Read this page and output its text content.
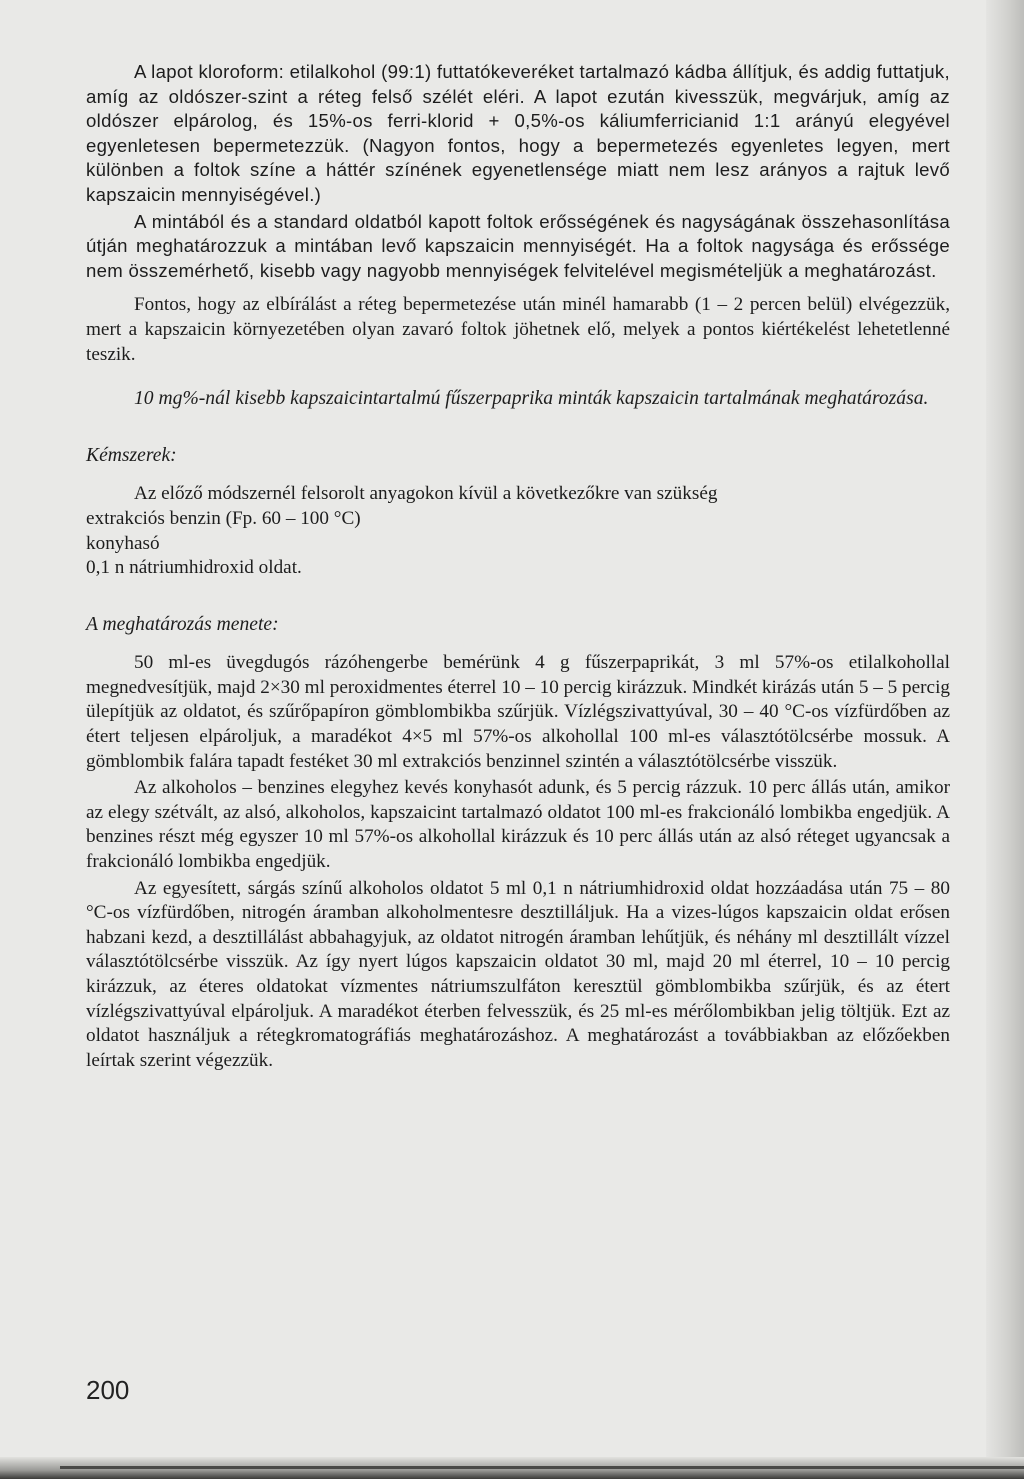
A lapot kloroform: etilalkohol (99:1) futtatókeveréket tartalmazó kádba állítjuk, és addig futtatjuk, amíg az oldószer-szint a réteg felső szélét eléri. A lapot ezután kivesszük, megvárjuk, amíg az oldószer elpárolog, és 15%-os ferri-klorid + 0,5%-os káliumferricianid 1:1 arányú elegyével egyenletesen bepermetezzük. (Nagyon fontos, hogy a bepermetezés egyenletes legyen, mert különben a foltok színe a háttér színének egyenetlensége miatt nem lesz arányos a rajtuk levő kapszaicin mennyiségével.)

A mintából és a standard oldatból kapott foltok erősségének és nagyságának összehasonlítása útján meghatározzuk a mintában levő kapszaicin mennyiségét. Ha a foltok nagysága és erőssége nem összemérhető, kisebb vagy nagyobb mennyiségek felvitelével megismételjük a meghatározást.

Fontos, hogy az elbírálást a réteg bepermetezése után minél hamarabb (1 – 2 percen belül) elvégezzük, mert a kapszaicin környezetében olyan zavaró foltok jöhetnek elő, melyek a pontos kiértékelést lehetetlenné teszik.

10 mg%-nál kisebb kapszaicintartalmú fűszerpaprika minták kapszaicin tartalmának meghatározása.

Kémszerek:

Az előző módszernél felsorolt anyagokon kívül a következőkre van szükség

extrakciós benzin (Fp. 60 – 100 °C)

konyhasó

0,1 n nátriumhidroxid oldat.

A meghatározás menete:

50 ml-es üvegdugós rázóhengerbe bemérünk 4 g fűszerpaprikát, 3 ml 57%-os etilalkohollal megnedvesítjük, majd 2×30 ml peroxidmentes éterrel 10 – 10 percig kirázzuk. Mindkét kirázás után 5 – 5 percig ülepítjük az oldatot, és szűrőpapíron gömblombikba szűrjük. Vízlégszivattyúval, 30 – 40 °C-os vízfürdőben az étert teljesen elpároljuk, a maradékot 4×5 ml 57%-os alkohollal 100 ml-es választótölcsérbe mossuk. A gömblombik falára tapadt festéket 30 ml extrakciós benzinnel szintén a választótölcsérbe visszük.

Az alkoholos – benzines elegyhez kevés konyhasót adunk, és 5 percig rázzuk. 10 perc állás után, amikor az elegy szétvált, az alsó, alkoholos, kapszaicint tartalmazó oldatot 100 ml-es frakcionáló lombikba engedjük. A benzines részt még egyszer 10 ml 57%-os alkohollal kirázzuk és 10 perc állás után az alsó réteget ugyancsak a frakcionáló lombikba engedjük.

Az egyesített, sárgás színű alkoholos oldatot 5 ml 0,1 n nátriumhidroxid oldat hozzáadása után 75 – 80 °C-os vízfürdőben, nitrogén áramban alkoholmentesre desztilláljuk. Ha a vizes-lúgos kapszaicin oldat erősen habzani kezd, a desztillálást abbahagyjuk, az oldatot nitrogén áramban lehűtjük, és néhány ml desztillált vízzel választótölcsérbe visszük. Az így nyert lúgos kapszaicin oldatot 30 ml, majd 20 ml éterrel, 10 – 10 percig kirázzuk, az éteres oldatokat vízmentes nátriumszulfáton keresztül gömblombikba szűrjük, és az étert vízlégszivattyúval elpároljuk. A maradékot éterben felvesszük, és 25 ml-es mérőlombikban jelig töltjük. Ezt az oldatot használjuk a rétegkromatográfiás meghatározáshoz. A meghatározást a továbbiakban az előzőekben leírtak szerint végezzük.

200
